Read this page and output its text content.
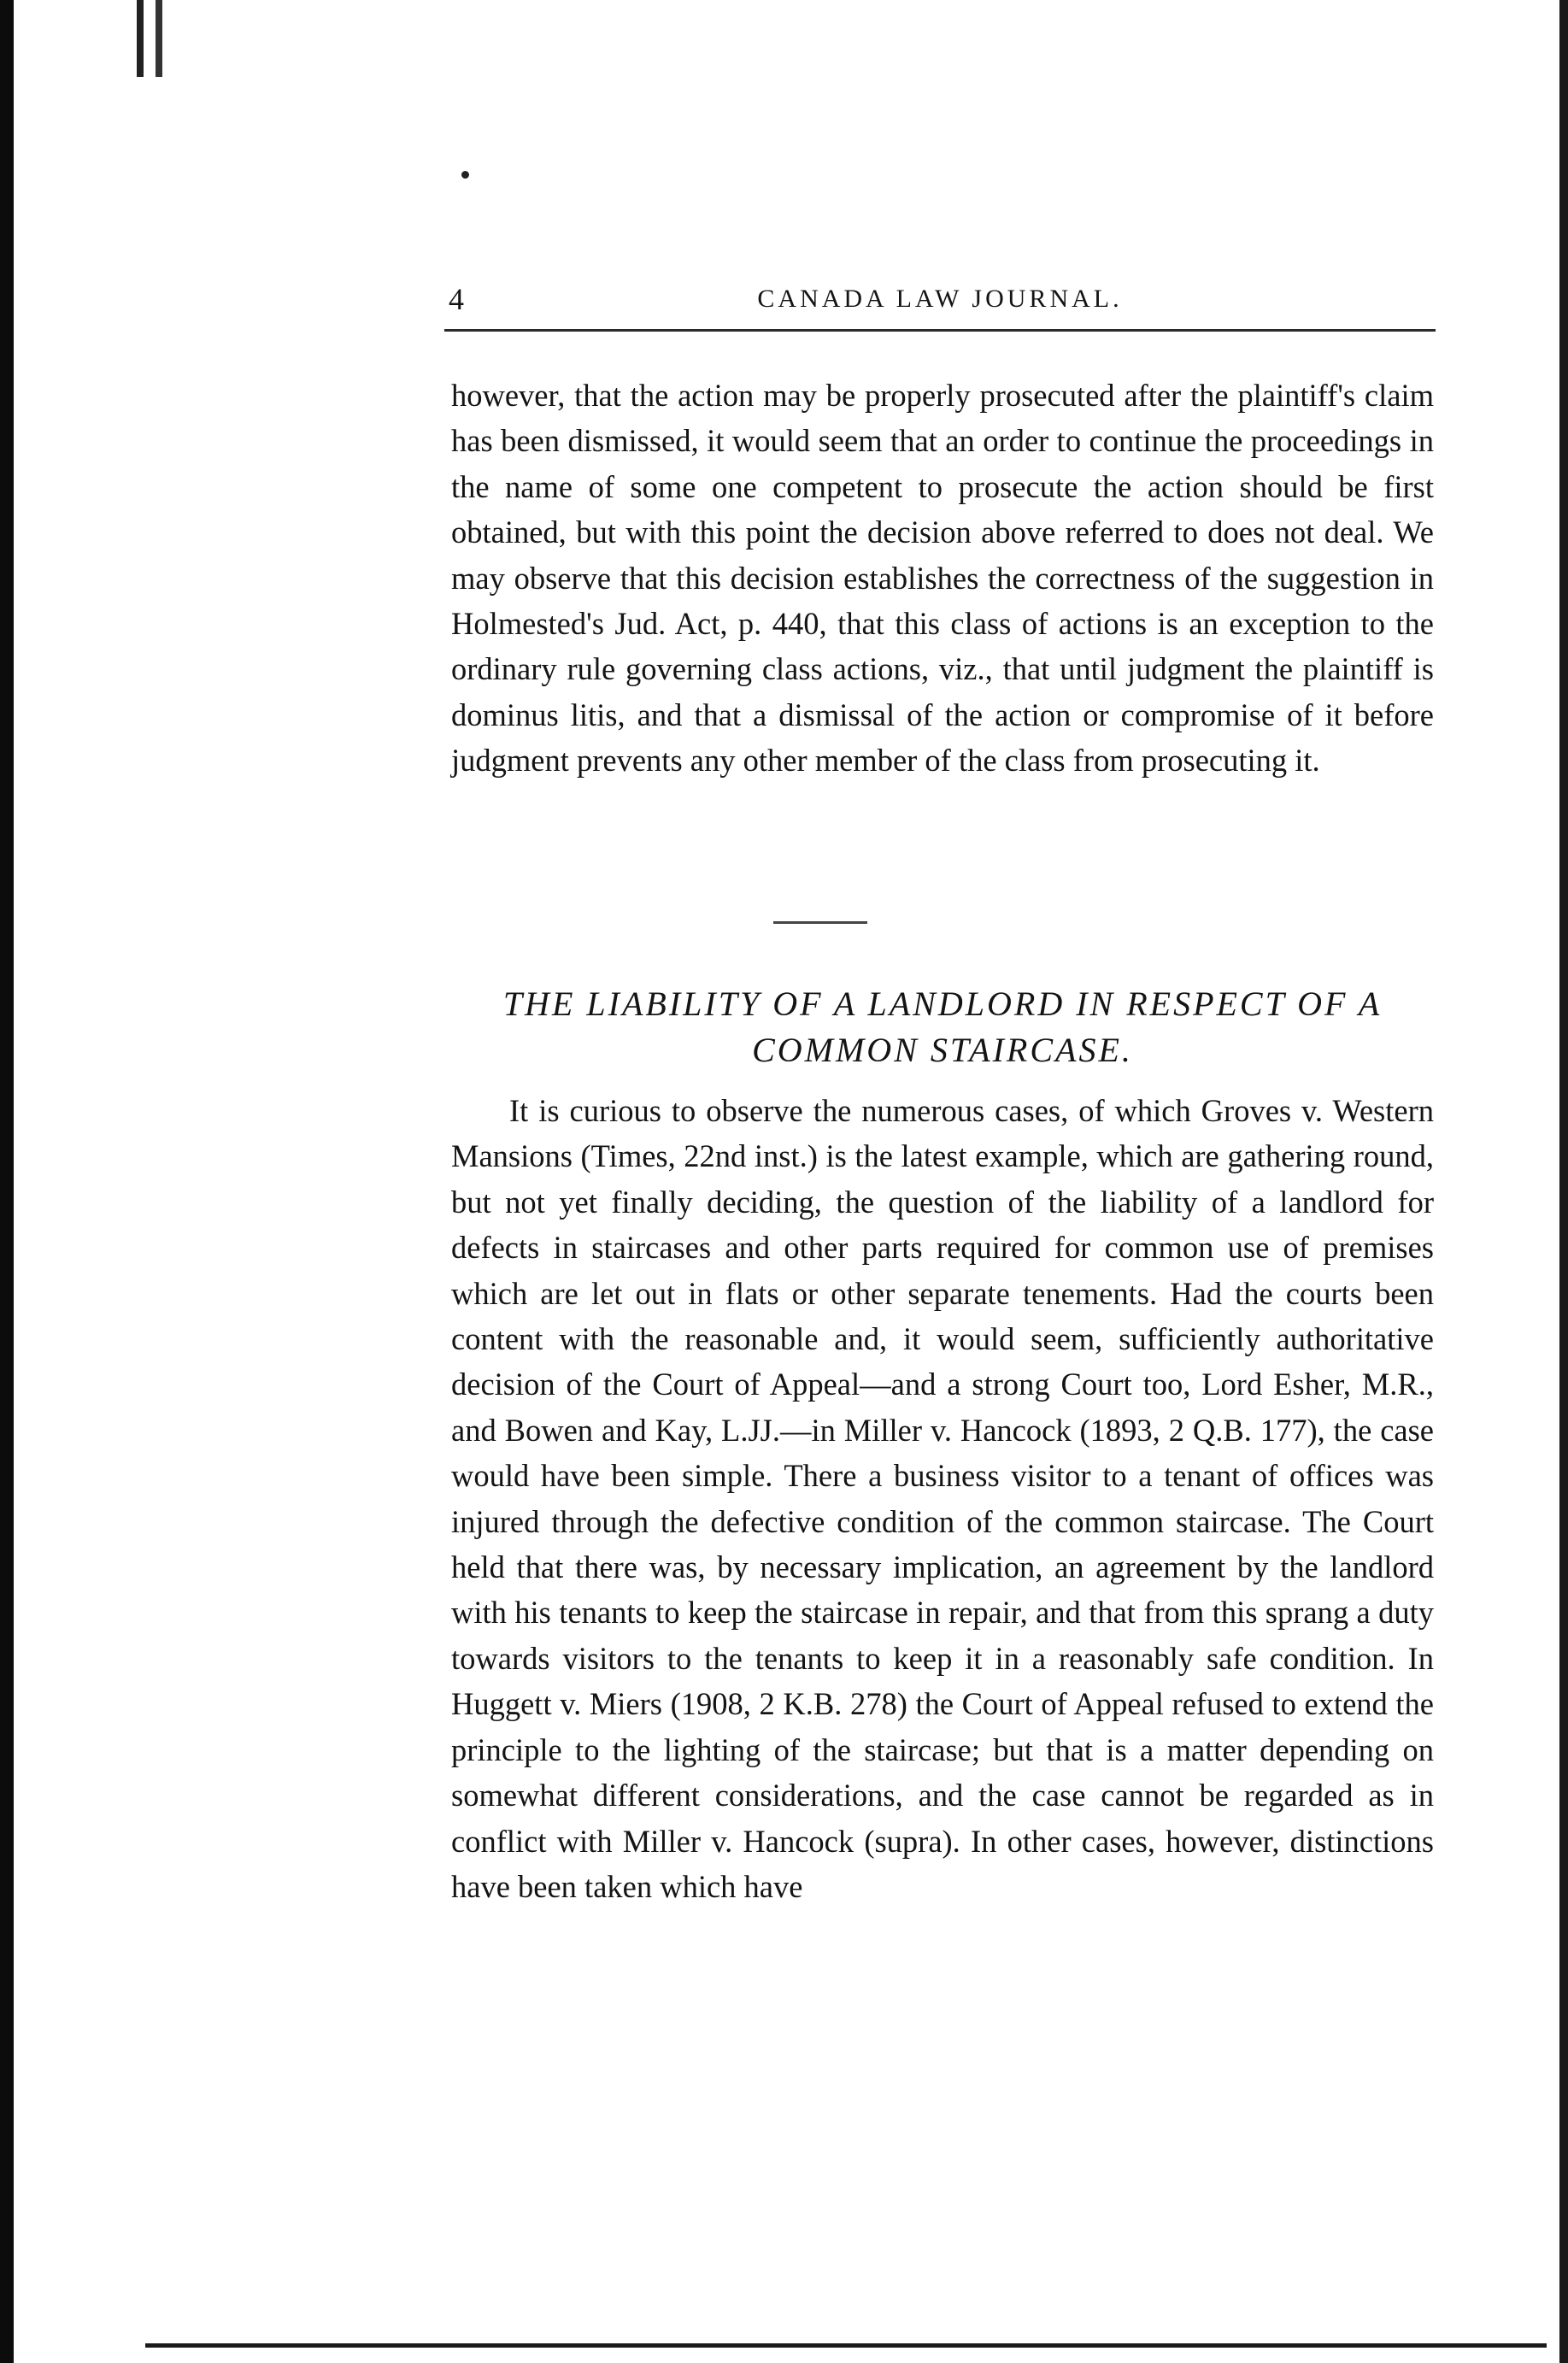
4	CANADA LAW JOURNAL.

however, that the action may be properly prosecuted after the plaintiff's claim has been dismissed, it would seem that an order to continue the proceedings in the name of some one competent to prosecute the action should be first obtained, but with this point the decision above referred to does not deal. We may observe that this decision establishes the correctness of the suggestion in Holmested's Jud. Act, p. 440, that this class of actions is an exception to the ordinary rule governing class actions, viz., that until judgment the plaintiff is dominus litis, and that a dismissal of the action or compromise of it before judgment prevents any other member of the class from prosecuting it.

THE LIABILITY OF A LANDLORD IN RESPECT OF A COMMON STAIRCASE.

It is curious to observe the numerous cases, of which Groves v. Western Mansions (Times, 22nd inst.) is the latest example, which are gathering round, but not yet finally deciding, the question of the liability of a landlord for defects in staircases and other parts required for common use of premises which are let out in flats or other separate tenements. Had the courts been content with the reasonable and, it would seem, sufficiently authoritative decision of the Court of Appeal—and a strong Court too, Lord Esher, M.R., and Bowen and Kay, L.JJ.—in Miller v. Hancock (1893, 2 Q.B. 177), the case would have been simple. There a business visitor to a tenant of offices was injured through the defective condition of the common staircase. The Court held that there was, by necessary implication, an agreement by the landlord with his tenants to keep the staircase in repair, and that from this sprang a duty towards visitors to the tenants to keep it in a reasonably safe condition. In Huggett v. Miers (1908, 2 K.B. 278) the Court of Appeal refused to extend the principle to the lighting of the staircase; but that is a matter depending on somewhat different considerations, and the case cannot be regarded as in conflict with Miller v. Hancock (supra). In other cases, however, distinctions have been taken which have
